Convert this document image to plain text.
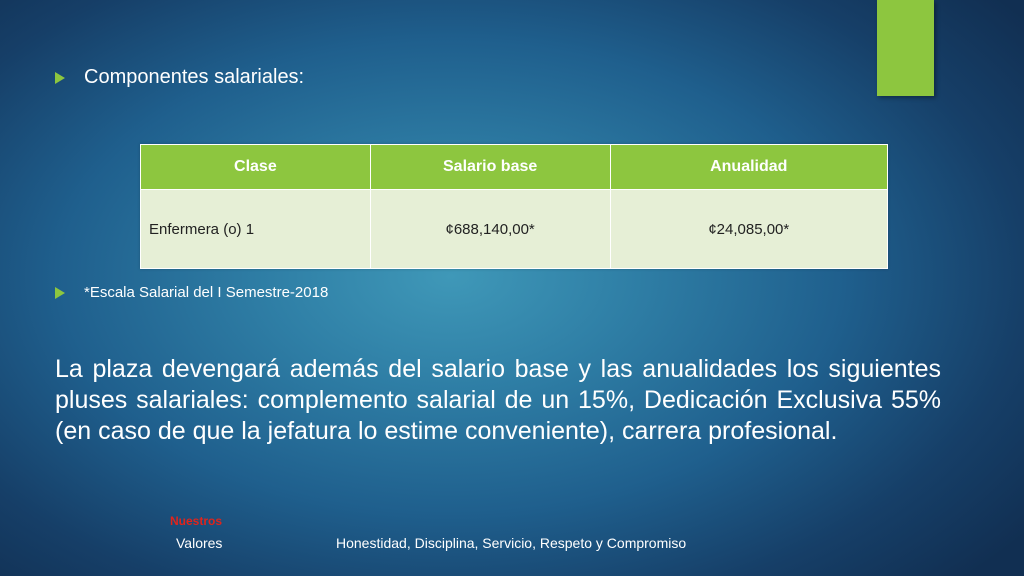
Componentes salariales:
Clase	Salario base	Anualidad
Enfermera (o) 1	¢688,140,00*	¢24,085,00*
*Escala Salarial del I Semestre-2018
La plaza devengará además del salario base y las anualidades los siguientes pluses salariales: complemento salarial de un 15%, Dedicación Exclusiva 55% (en caso de que la jefatura lo estime conveniente), carrera profesional.
Nuestros
Valores	Honestidad, Disciplina, Servicio, Respeto y Compromiso
